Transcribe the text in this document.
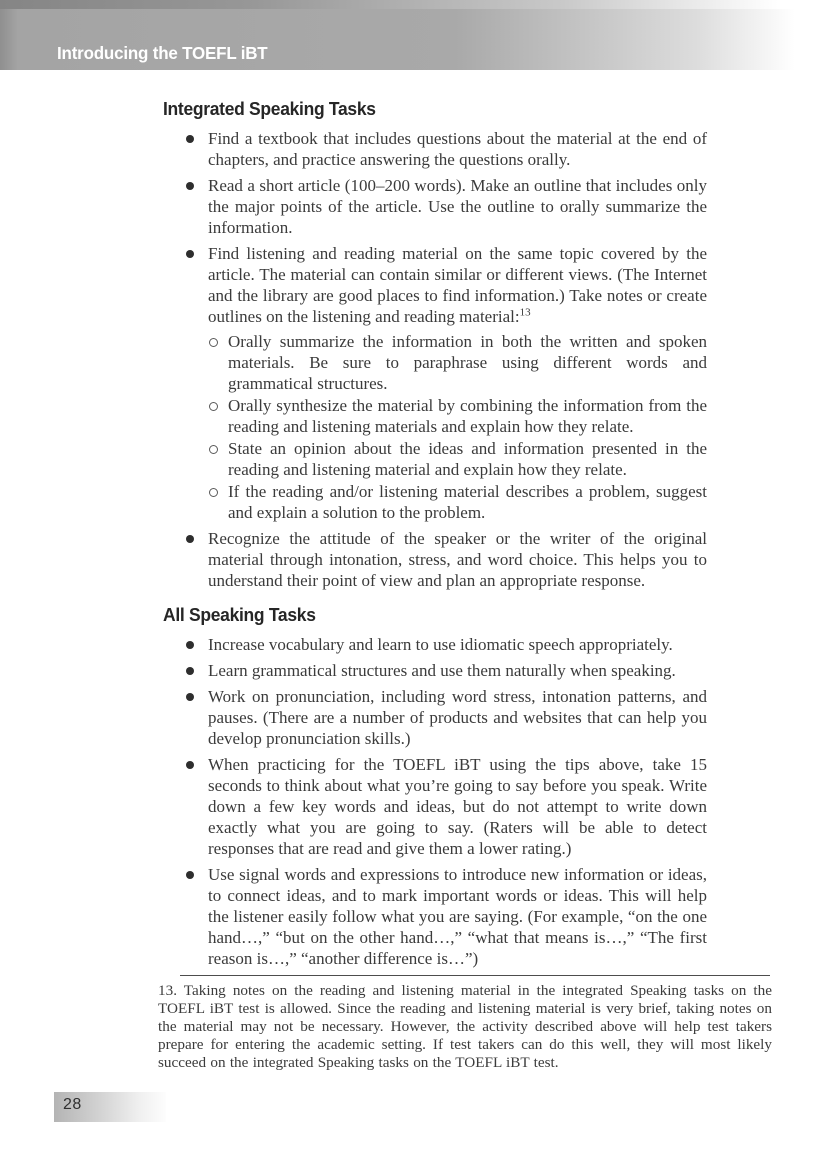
Introducing the TOEFL iBT
Integrated Speaking Tasks
Find a textbook that includes questions about the material at the end of chapters, and practice answering the questions orally.
Read a short article (100–200 words). Make an outline that includes only the major points of the article. Use the outline to orally summarize the information.
Find listening and reading material on the same topic covered by the article. The material can contain similar or different views. (The Internet and the library are good places to find information.) Take notes or create outlines on the listening and reading material:$^{13}$
Orally summarize the information in both the written and spoken materials. Be sure to paraphrase using different words and grammatical structures.
Orally synthesize the material by combining the information from the reading and listening materials and explain how they relate.
State an opinion about the ideas and information presented in the reading and listening material and explain how they relate.
If the reading and/or listening material describes a problem, suggest and explain a solution to the problem.
Recognize the attitude of the speaker or the writer of the original material through intonation, stress, and word choice. This helps you to understand their point of view and plan an appropriate response.
All Speaking Tasks
Increase vocabulary and learn to use idiomatic speech appropriately.
Learn grammatical structures and use them naturally when speaking.
Work on pronunciation, including word stress, intonation patterns, and pauses. (There are a number of products and websites that can help you develop pronunciation skills.)
When practicing for the TOEFL iBT using the tips above, take 15 seconds to think about what you’re going to say before you speak. Write down a few key words and ideas, but do not attempt to write down exactly what you are going to say. (Raters will be able to detect responses that are read and give them a lower rating.)
Use signal words and expressions to introduce new information or ideas, to connect ideas, and to mark important words or ideas. This will help the listener easily follow what you are saying. (For example, “on the one hand…,” “but on the other hand…,” “what that means is…,” “The first reason is…,” “another difference is…”)

13. Taking notes on the reading and listening material in the integrated Speaking tasks on the TOEFL iBT test is allowed. Since the reading and listening material is very brief, taking notes on the material may not be necessary. However, the activity described above will help test takers prepare for entering the academic setting. If test takers can do this well, they will most likely succeed on the integrated Speaking tasks on the TOEFL iBT test.

28
